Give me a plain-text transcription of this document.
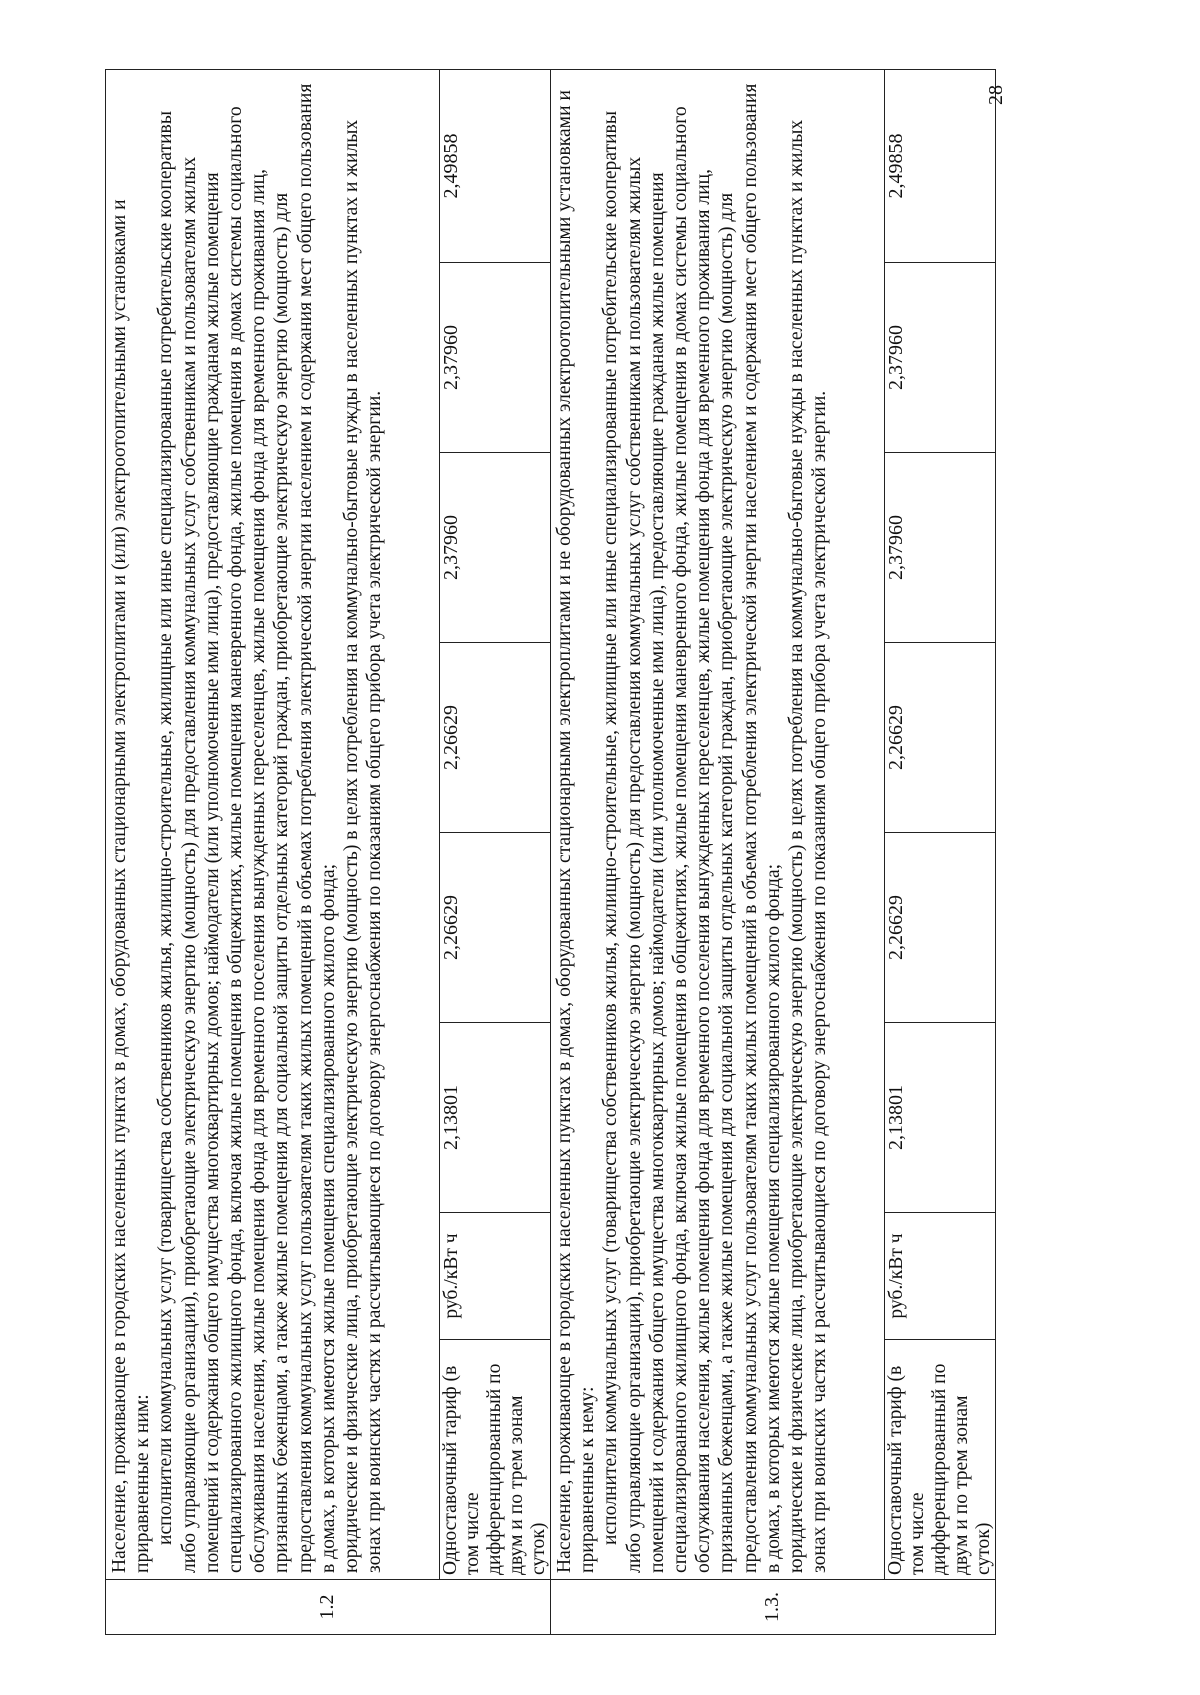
1.2	Население, проживающее в городских населенных пунктах в домах, оборудованных стационарными электроплитами и (или) электроотопительными установками и приравненные к ним: исполнители коммунальных услуг (товарищества собственников жилья, жилищно-строительные, жилищные или иные специализированные потребительские кооперативы либо управляющие организации), приобретающие электрическую энергию (мощность) для предоставления коммунальных услуг собственникам и пользователям жилых помещений и содержания общего имущества многоквартирных домов; наймодатели (или уполномоченные ими лица), предоставляющие гражданам жилые помещения специализированного жилищного фонда, включая жилые помещения в общежитиях, жилые помещения маневренного фонда, жилые помещения в домах системы социального обслуживания населения, жилые помещения фонда для временного поселения вынужденных переселенцев, жилые помещения фонда для временного проживания лиц, признанных беженцами, а также жилые помещения для социальной защиты отдельных категорий граждан, приобретающие электрическую энергию (мощность) для предоставления коммунальных услуг пользователям таких жилых помещений в объемах потребления электрической энергии населением и содержания мест общего пользования в домах, в которых имеются жилые помещения специализированного жилого фонда; юридические и физические лица, приобретающие электрическую энергию (мощность) в целях потребления на коммунально-бытовые нужды в населенных пунктах и жилых зонах при воинских частях и рассчитывающиеся по договору энергоснабжения по показаниям общего прибора учета электрической энергии.							

	Одноставочный тариф (в том числе дифференцированный по двум и по трем зонам суток)	руб./кВт ч	2,13801	2,26629	2,26629	2,37960	2,37960	2,49858
1.3.	Население, проживающее в городских населенных пунктах в домах, оборудованных стационарными электроплитами и не оборудованных электроотопительными установками и приравненные к нему: исполнители коммунальных услуг (товарищества собственников жилья, жилищно-строительные, жилищные или иные специализированные потребительские кооперативы либо управляющие организации), приобретающие электрическую энергию (мощность) для предоставления коммунальных услуг собственникам и пользователям жилых помещений и содержания общего имущества многоквартирных домов; наймодатели (или уполномоченные ими лица), предоставляющие гражданам жилые помещения специализированного жилищного фонда, включая жилые помещения в общежитиях, жилые помещения маневренного фонда, жилые помещения в домах системы социального обслуживания населения, жилые помещения фонда для временного поселения вынужденных переселенцев, жилые помещения фонда для временного проживания лиц, признанных беженцами, а также жилые помещения для социальной защиты отдельных категорий граждан, приобретающие электрическую энергию (мощность) для предоставления коммунальных услуг пользователям таких жилых помещений в объемах потребления электрической энергии населением и содержания мест общего пользования в домах, в которых имеются жилые помещения специализированного жилого фонда; юридические и физические лица, приобретающие электрическую энергию (мощность) в целях потребления на коммунально-бытовые нужды в населенных пунктах и жилых зонах при воинских частях и рассчитывающиеся по договору энергоснабжения по показаниям общего прибора учета электрической энергии.							

	Одноставочный тариф (в том числе дифференцированный по двум и по трем зонам суток)	руб./кВт ч	2,13801	2,26629	2,26629	2,37960	2,37960	2,49858
28
